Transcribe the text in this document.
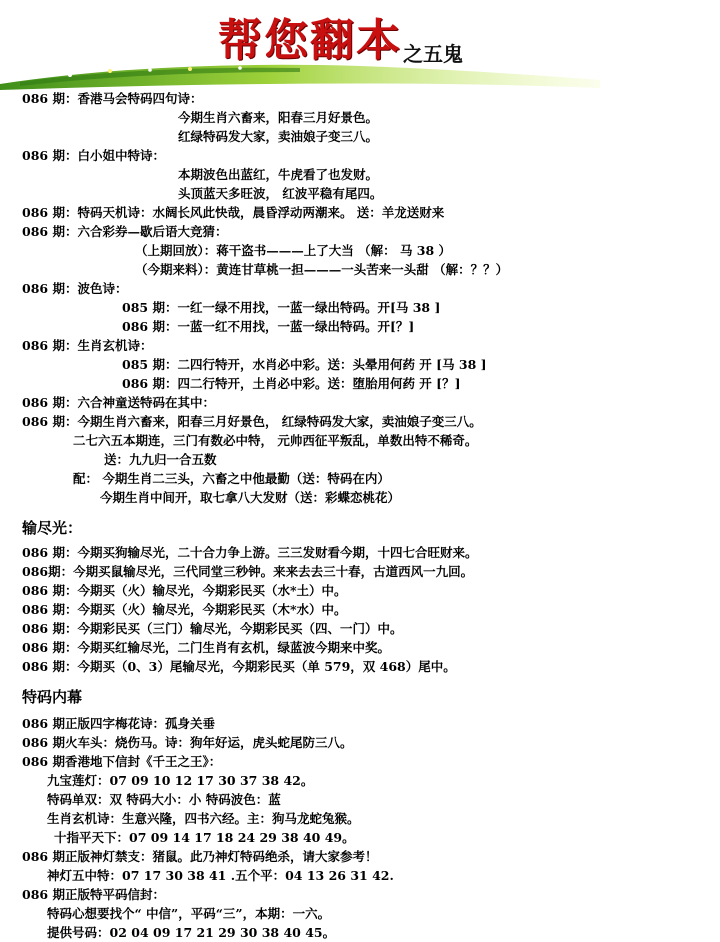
帮您翻本 之五鬼
086 期：香港马会特码四句诗：
今期生肖六畜来，阳春三月好景色。
红绿特码发大家，卖油娘子变三八。
086 期：白小姐中特诗：
本期波色出蓝红，牛虎看了也发财。
头顶蓝天多旺波， 红波平稳有尾四。
086 期：特码天机诗：水阔长风此快哉，晨昏浮动两潮来。 送：羊龙送财来
086 期：六合彩券—歇后语大竞猜：
（上期回放）：蒋干盗书———上了大当 （解： 马 38 ）
（今期来料）：黄连甘草桃一担———一头苦来一头甜 （解：？？）
086 期：波色诗：
085 期：一红一绿不用找，一蓝一绿出特码。开[马 38 ]
086 期：一蓝一红不用找，一蓝一绿出特码。开[？]
086 期：生肖玄机诗：
085 期：二四行特开，水肖必中彩。送：头晕用何药 开 [马 38 ]
086 期：四二行特开，土肖必中彩。送：堕胎用何药 开 [？]
086 期：六合神童送特码在其中：
086 期：今期生肖六畜来，阳春三月好景色， 红绿特码发大家，卖油娘子变三八。
二七六五本期连，三门有数必中特， 元帅西征平叛乱，单数出特不稀奇。
送：九九归一合五数
配： 今期生肖二三头，六畜之中他最勤（送：特码在内）
今期生肖中间开，取七拿八大发财（送：彩蝶恋桃花）
输尽光：
086 期：今期买狗输尽光，二十合力争上游。三三发财看今期，十四七合旺财来。
086期：今期买鼠输尽光，三代同堂三秒钟。来来去去三十春，古道西风一九回。
086 期：今期买（火）输尽光，今期彩民买（水*土）中。
086 期：今期买（火）输尽光，今期彩民买（木*水）中。
086 期：今期彩民买（三门）输尽光，今期彩民买（四、一门）中。
086 期：今期买红输尽光，二门生肖有玄机，绿蓝波今期来中奖。
086 期：今期买（0、3）尾输尽光，今期彩民买（单 579，双 468）尾中。
特码内幕
086 期正版四字梅花诗：孤身关垂
086 期火车头：烧伤马。诗：狗年好运，虎头蛇尾防三八。
086 期香港地下信封《千王之王》：
九宝莲灯：07 09 10 12 17 30 37 38 42。
特码单双：双 特码大小：小 特码波色：蓝
生肖玄机诗：生意兴隆，四书六经。主：狗马龙蛇兔猴。
十指平天下：07 09 14 17 18 24 29 38 40 49。
086 期正版神灯禁支：猪鼠。此乃神灯特码绝杀，请大家参考！
神灯五中特：07 17 30 38 41 .五个平：04 13 26 31 42.
086 期正版特平码信封：
特码心想要找个“ 中信”，平码“三”，本期：一六。
提供号码：02 04 09 17 21 29 30 38 40 45。
